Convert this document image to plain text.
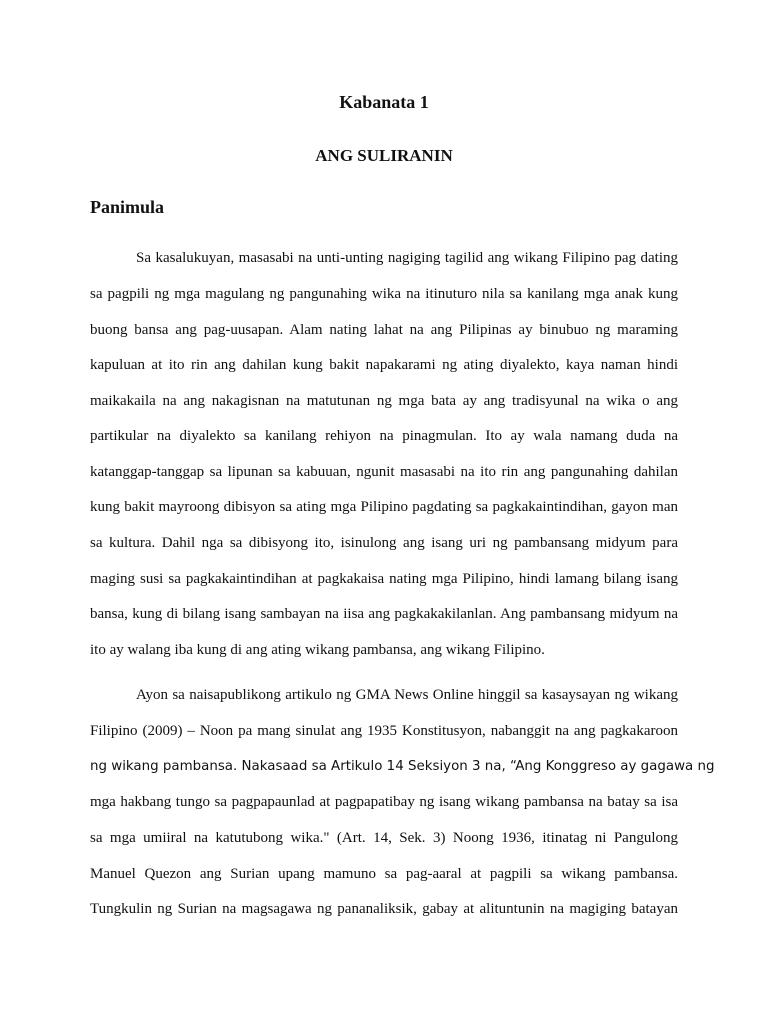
Kabanata 1
ANG SULIRANIN
Panimula
Sa kasalukuyan, masasabi na unti-unting nagiging tagilid ang wikang Filipino pag dating
sa pagpili ng mga magulang ng pangunahing wika na itinuturo nila sa kanilang mga anak kung
buong bansa ang pag-uusapan. Alam nating lahat na ang Pilipinas ay binubuo ng maraming
kapuluan at ito rin ang dahilan kung bakit napakarami ng ating diyalekto, kaya naman hindi
maikakaila na ang nakagisnan na matutunan ng mga bata ay ang tradisyunal na wika o ang
partikular na diyalekto sa kanilang rehiyon na pinagmulan. Ito ay wala namang duda na
katanggap-tanggap sa lipunan sa kabuuan, ngunit masasabi na ito rin ang pangunahing dahilan
kung bakit mayroong dibisyon sa ating mga Pilipino pagdating sa pagkakaintindihan, gayon man
sa kultura. Dahil nga sa dibisyong ito, isinulong ang isang uri ng pambansang midyum para
maging susi sa pagkakaintindihan at pagkakaisa nating mga Pilipino, hindi lamang bilang isang
bansa, kung di bilang isang sambayan na iisa ang pagkakakilanlan. Ang pambansang midyum na
ito ay walang iba kung di ang ating wikang pambansa, ang wikang Filipino.
Ayon sa naisapublikong artikulo ng GMA News Online hinggil sa kasaysayan ng wikang
Filipino (2009) – Noon pa mang sinulat ang 1935 Konstitusyon, nabanggit na ang pagkakaroon
ng wikang pambansa. Nakasaad sa Artikulo 14 Seksiyon 3 na, “Ang Konggreso ay gagawa ng
mga hakbang tungo sa pagpapaunlad at pagpapatibay ng isang wikang pambansa na batay sa isa
sa mga umiiral na katutubong wika." (Art. 14, Sek. 3) Noong 1936, itinatag ni Pangulong
Manuel Quezon ang Surian upang mamuno sa pag-aaral at pagpili sa wikang pambansa.
Tungkulin ng Surian na magsagawa ng pananaliksik, gabay at alituntunin na magiging batayan
